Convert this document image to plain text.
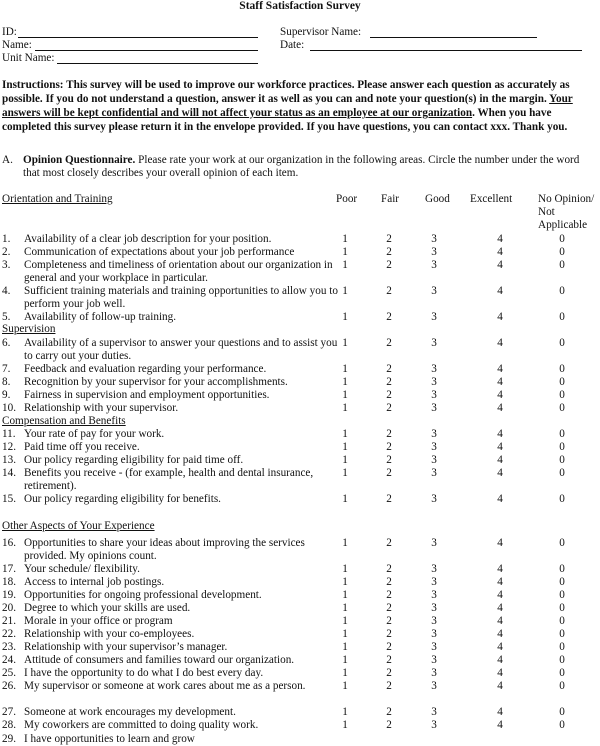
Staff Satisfaction Survey
ID:
Name:
Unit Name:
Supervisor Name:
Date:
Instructions: This survey will be used to improve our workforce practices. Please answer each question as accurately as possible. If you do not understand a question, answer it as well as you can and note your question(s) in the margin. Your answers will be kept confidential and will not affect your status as an employee at our organization. When you have completed this survey please return it in the envelope provided. If you have questions, you can contact xxx. Thank you.
A. Opinion Questionnaire. Please rate your work at our organization in the following areas. Circle the number under the word that most closely describes your overall opinion of each item.
Orientation and Training	Poor Fair Good Excellent No Opinion/
Not
Applicable
Supervision
Compensation and Benefits
Other Aspects of Your Experience
1. Availability of a clear job description for your position.	1	2	3	4	0
2. Communication of expectations about your job performance	1	2	3	4	0
3. Completeness and timeliness of orientation about our organization in general and your workplace in particular.
1	2	3	4	0
4. Sufficient training materials and training opportunities to allow you to perform your job well.
1	2	3	4	0
5. Availability of follow-up training.	1	2	3	4	0
6. Availability of a supervisor to answer your questions and to assist you to carry out your duties.
1	2	3	4	0
7. Feedback and evaluation regarding your performance.	1	2	3	4	0
8. Recognition by your supervisor for your accomplishments.	1	2	3	4	0
9. Fairness in supervision and employment opportunities.	1	2	3	4	0
10. Relationship with your supervisor.	1	2	3	4	0
11. Your rate of pay for your work.	1	2	3	4	0
12. Paid time off you receive.	1	2	3	4	0
13. Our policy regarding eligibility for paid time off.	1	2	3	4	0
14. Benefits you receive - (for example, health and dental insurance, retirement).
1	2	3	4	0
15. Our policy regarding eligibility for benefits.	1	2	3	4	0
16. Opportunities to share your ideas about improving the services provided. My opinions count.
1	2	3	4	0
17. Your schedule/ flexibility.	1	2	3	4	0
18. Access to internal job postings.	1	2	3	4	0
19. Opportunities for ongoing professional development.	1	2	3	4	0
20. Degree to which your skills are used.	1	2	3	4	0
21. Morale in your office or program	1	2	3	4	0
22. Relationship with your co-employees.	1	2	3	4	0
23. Relationship with your supervisor’s manager.	1	2	3	4	0
24. Attitude of consumers and families toward our organization.	1	2	3	4	0
25. I have the opportunity to do what I do best every day.	1	2	3	4	0
26. My supervisor or someone at work cares about me as a person.	1	2	3	4	0
27. Someone at work encourages my development.	1	2	3	4	0
28. My coworkers are committed to doing quality work.	1	2	3	4	0
29. I have opportunities to learn and grow
